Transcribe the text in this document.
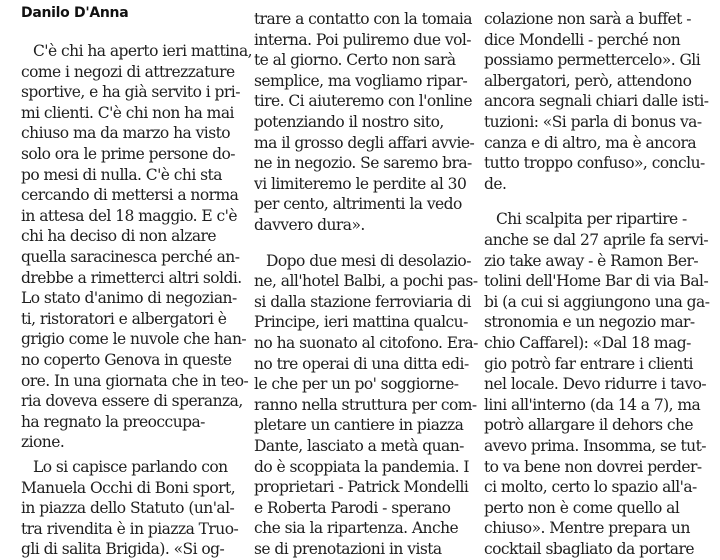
Danilo D'Anna
C'è chi ha aperto ieri mattina,
come i negozi di attrezzature
sportive, e ha già servito i pri-
mi clienti. C'è chi non ha mai
chiuso ma da marzo ha visto
solo ora le prime persone do-
po mesi di nulla. C'è chi sta
cercando di mettersi a norma
in attesa del 18 maggio. E c'è
chi ha deciso di non alzare
quella saracinesca perché an-
drebbe a rimetterci altri soldi.
Lo stato d'animo di negozian-
ti, ristoratori e albergatori è
grigio come le nuvole che han-
no coperto Genova in queste
ore. In una giornata che in teo-
ria doveva essere di speranza,
ha regnato la preoccupa-
zione.
Lo si capisce parlando con
Manuela Occhi di Boni sport,
in piazza dello Statuto (un'al-
tra rivendita è in piazza Truo-
gli di salita Brigida). «Si og-
trare a contatto con la tomaia
interna. Poi puliremo due vol-
te al giorno. Certo non sarà
semplice, ma vogliamo ripar-
tire. Ci aiuteremo con l'online
potenziando il nostro sito,
ma il grosso degli affari avvie-
ne in negozio. Se saremo bra-
vi limiteremo le perdite al 30
per cento, altrimenti la vedo
davvero dura».
Dopo due mesi di desolazio-
ne, all'hotel Balbi, a pochi pas-
si dalla stazione ferroviaria di
Principe, ieri mattina qualcu-
no ha suonato al citofono. Era-
no tre operai di una ditta edi-
le che per un po' soggiorne-
ranno nella struttura per com-
pletare un cantiere in piazza
Dante, lasciato a metà quan-
do è scoppiata la pandemia. I
proprietari - Patrick Mondelli
e Roberta Parodi - sperano
che sia la ripartenza. Anche
se di prenotazioni in vista
colazione non sarà a buffet -
dice Mondelli - perché non
possiamo permettercelo». Gli
albergatori, però, attendono
ancora segnali chiari dalle isti-
tuzioni: «Si parla di bonus va-
canza e di altro, ma è ancora
tutto troppo confuso», conclu-
de.
Chi scalpita per ripartire -
anche se dal 27 aprile fa servi-
zio take away - è Ramon Ber-
tolini dell'Home Bar di via Bal-
bi (a cui si aggiungono una ga-
stronomia e un negozio mar-
chio Caffarel): «Dal 18 mag-
gio potrò far entrare i clienti
nel locale. Devo ridurre i tavo-
lini all'interno (da 14 a 7), ma
potrò allargare il dehors che
avevo prima. Insomma, se tut-
to va bene non dovrei perder-
ci molto, certo lo spazio all'a-
perto non è come quello al
chiuso». Mentre prepara un
cocktail sbagliato da portare
